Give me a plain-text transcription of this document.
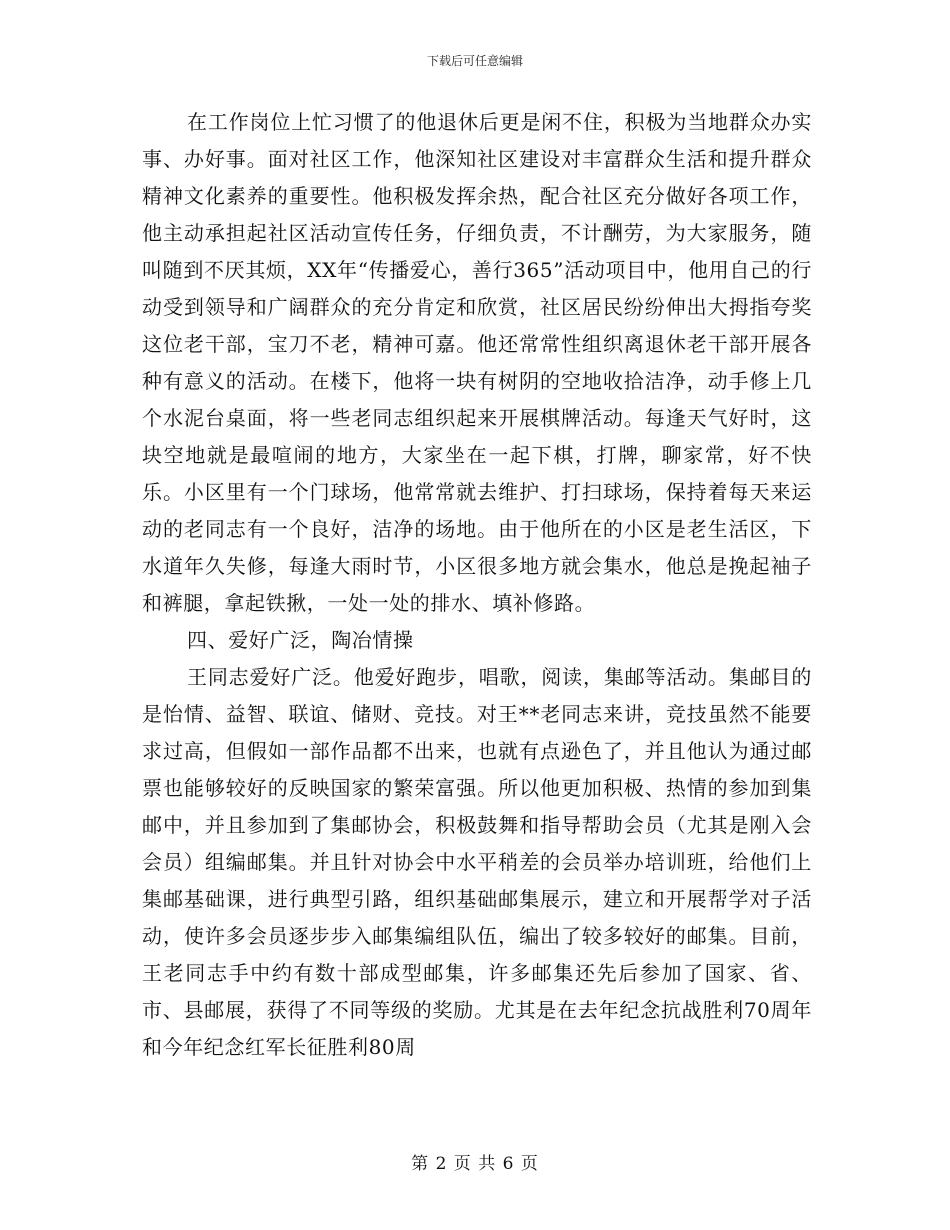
下载后可任意编辑

在工作岗位上忙习惯了的他退休后更是闲不住，积极为当地群众办实事、办好事。面对社区工作，他深知社区建设对丰富群众生活和提升群众精神文化素养的重要性。他积极发挥余热，配合社区充分做好各项工作，他主动承担起社区活动宣传任务，仔细负责，不计酬劳，为大家服务，随叫随到不厌其烦，XX年“传播爱心，善行365”活动项目中，他用自己的行动受到领导和广阔群众的充分肯定和欣赏，社区居民纷纷伸出大拇指夸奖这位老干部，宝刀不老，精神可嘉。他还常常性组织离退休老干部开展各种有意义的活动。在楼下，他将一块有树阴的空地收拾洁净，动手修上几个水泥台桌面，将一些老同志组织起来开展棋牌活动。每逢天气好时，这块空地就是最喧闹的地方，大家坐在一起下棋，打牌，聊家常，好不快乐。小区里有一个门球场，他常常就去维护、打扫球场，保持着每天来运动的老同志有一个良好，洁净的场地。由于他所在的小区是老生活区，下水道年久失修，每逢大雨时节，小区很多地方就会集水，他总是挽起袖子和裤腿，拿起铁揪，一处一处的排水、填补修路。

四、爱好广泛，陶冶情操

王同志爱好广泛。他爱好跑步，唱歌，阅读，集邮等活动。集邮目的是怡情、益智、联谊、储财、竞技。对王**老同志来讲，竞技虽然不能要求过高，但假如一部作品都不出来，也就有点逊色了，并且他认为通过邮票也能够较好的反映国家的繁荣富强。所以他更加积极、热情的参加到集邮中，并且参加到了集邮协会，积极鼓舞和指导帮助会员（尤其是刚入会会员）组编邮集。并且针对协会中水平稍差的会员举办培训班，给他们上集邮基础课，进行典型引路，组织基础邮集展示，建立和开展帮学对子活动，使许多会员逐步步入邮集编组队伍，编出了较多较好的邮集。目前，王老同志手中约有数十部成型邮集，许多邮集还先后参加了国家、省、市、县邮展，获得了不同等级的奖励。尤其是在去年纪念抗战胜利70周年和今年纪念红军长征胜利80周

第 2 页 共 6 页
